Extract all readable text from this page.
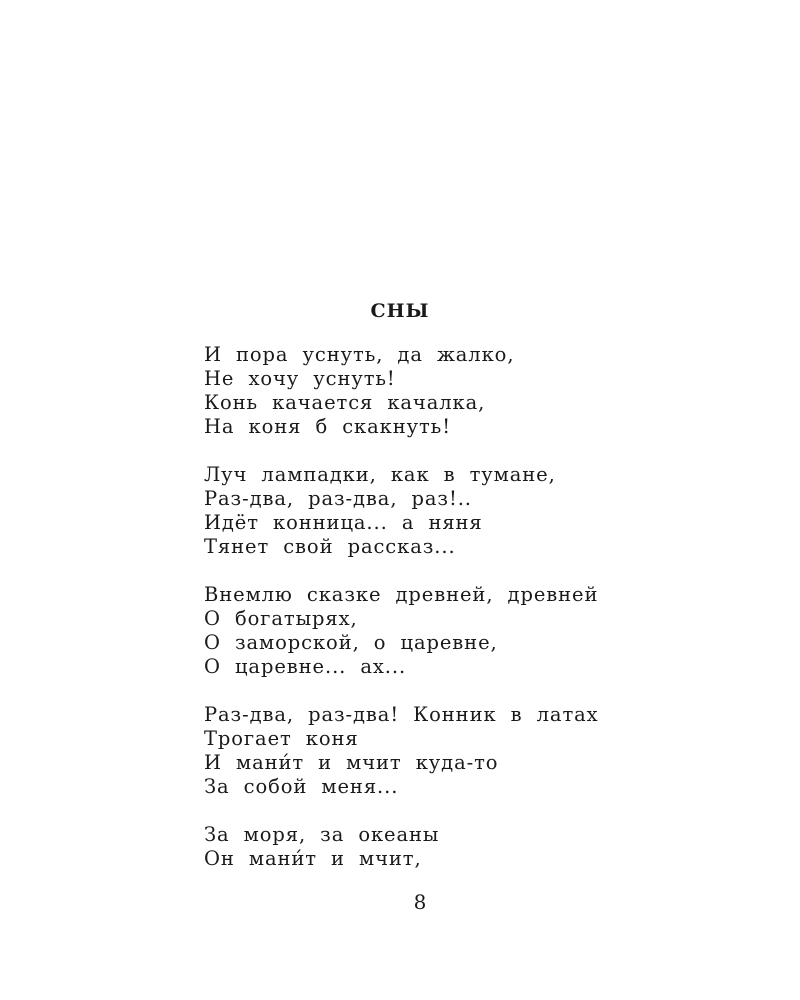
СНЫ
И пора уснуть, да жалко,
Не хочу уснуть!
Конь качается качалка,
На коня б скакнуть!
Луч лампадки, как в тумане,
Раз-два, раз-два, раз!..
Идёт конница... а няня
Тянет свой рассказ...
Внемлю сказке древней, древней
О богатырях,
О заморской, о царевне,
О царевне... ах...
Раз-два, раз-два! Конник в латах
Трогает коня
И мани́т и мчит куда-то
За собой меня...
За моря, за океаны
Он мани́т и мчит,
8
